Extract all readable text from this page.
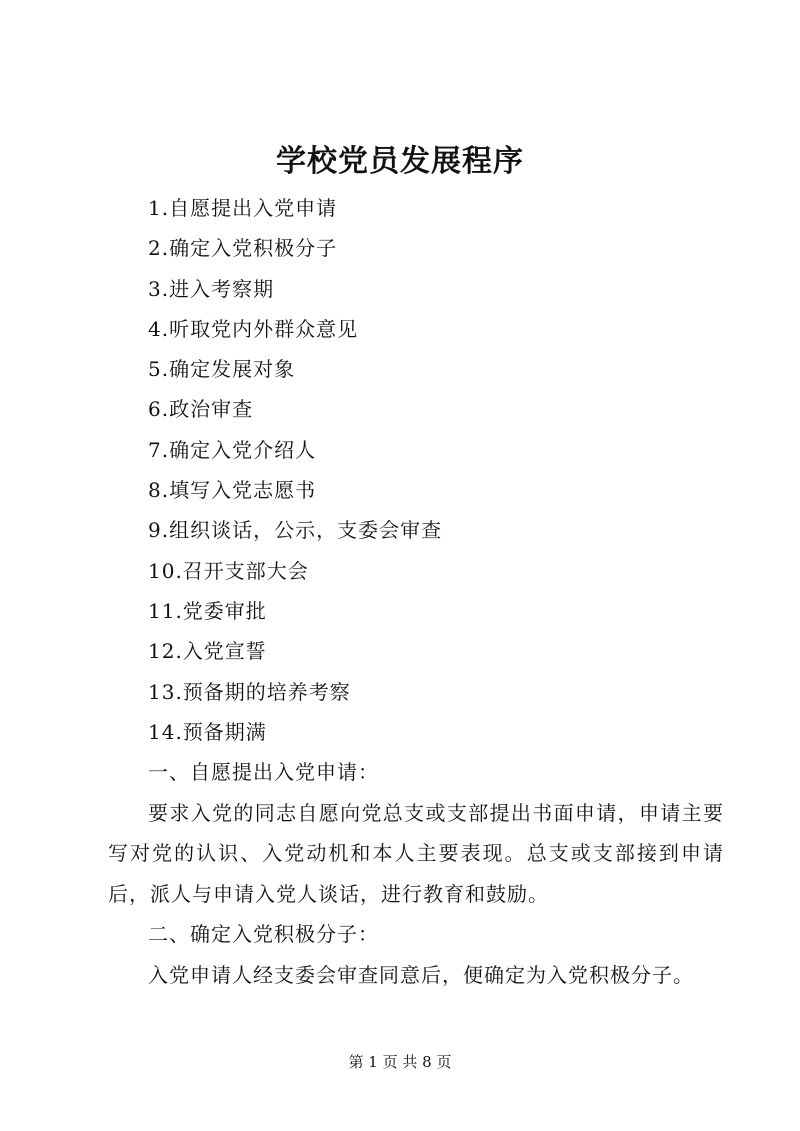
学校党员发展程序
1.自愿提出入党申请
2.确定入党积极分子
3.进入考察期
4.听取党内外群众意见
5.确定发展对象
6.政治审查
7.确定入党介绍人
8.填写入党志愿书
9.组织谈话，公示，支委会审查
10.召开支部大会
11.党委审批
12.入党宣誓
13.预备期的培养考察
14.预备期满
一、自愿提出入党申请：

要求入党的同志自愿向党总支或支部提出书面申请，申请主要写对党的认识、入党动机和本人主要表现。总支或支部接到申请后，派人与申请入党人谈话，进行教育和鼓励。

二、确定入党积极分子：
入党申请人经支委会审查同意后，便确定为入党积极分子。
第 1 页 共 8 页
